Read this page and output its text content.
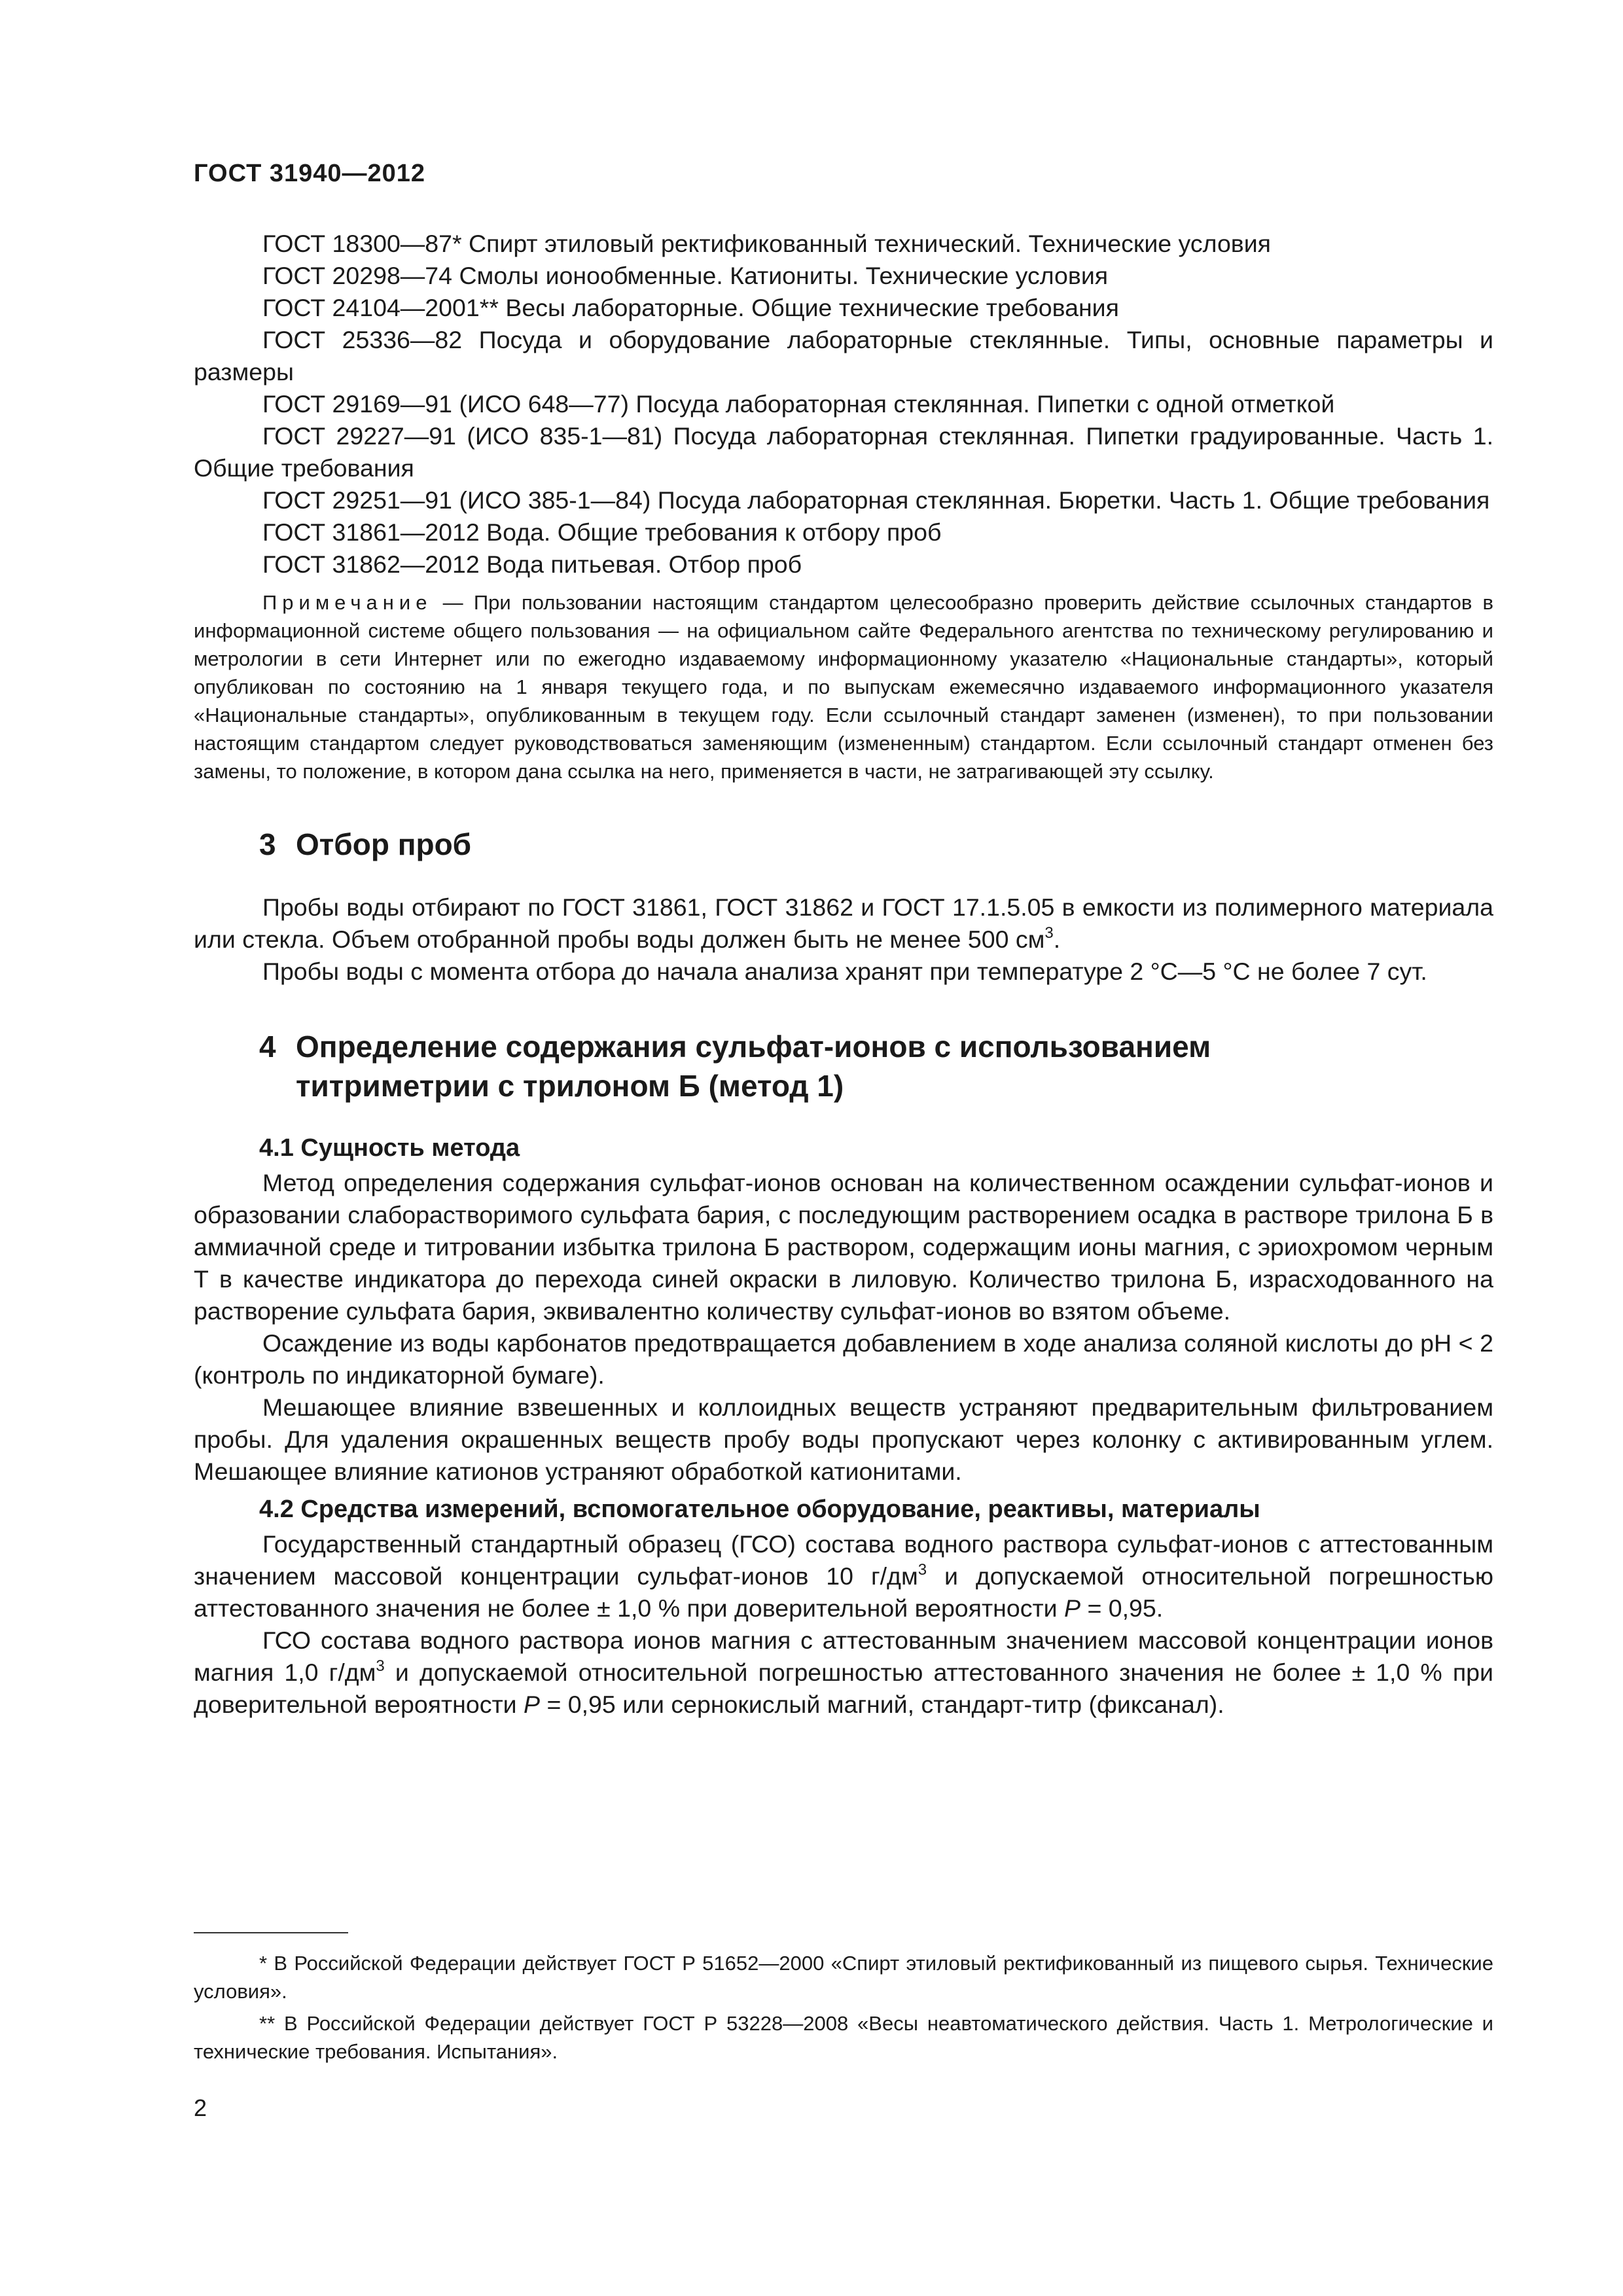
ГОСТ 31940—2012

ГОСТ 18300—87* Спирт этиловый ректификованный технический. Технические условия

ГОСТ 20298—74 Смолы ионообменные. Катиониты. Технические условия

ГОСТ 24104—2001** Весы лабораторные. Общие технические требования

ГОСТ 25336—82 Посуда и оборудование лабораторные стеклянные. Типы, основные параметры и размеры

ГОСТ 29169—91 (ИСО 648—77) Посуда лабораторная стеклянная. Пипетки с одной отметкой

ГОСТ 29227—91 (ИСО 835-1—81) Посуда лабораторная стеклянная. Пипетки градуированные. Часть 1. Общие требования

ГОСТ 29251—91 (ИСО 385-1—84) Посуда лабораторная стеклянная. Бюретки. Часть 1. Общие требования

ГОСТ 31861—2012 Вода. Общие требования к отбору проб

ГОСТ 31862—2012 Вода питьевая. Отбор проб

Примечание — При пользовании настоящим стандартом целесообразно проверить действие ссылочных стандартов в информационной системе общего пользования — на официальном сайте Федерального агентства по техническому регулированию и метрологии в сети Интернет или по ежегодно издаваемому информационному указателю «Национальные стандарты», который опубликован по состоянию на 1 января текущего года, и по выпускам ежемесячно издаваемого информационного указателя «Национальные стандарты», опубликованным в текущем году. Если ссылочный стандарт заменен (изменен), то при пользовании настоящим стандартом следует руководствоваться заменяющим (измененным) стандартом. Если ссылочный стандарт отменен без замены, то положение, в котором дана ссылка на него, применяется в части, не затрагивающей эту ссылку.

3 Отбор проб

Пробы воды отбирают по ГОСТ 31861, ГОСТ 31862 и ГОСТ 17.1.5.05 в емкости из полимерного материала или стекла. Объем отобранной пробы воды должен быть не менее 500 $см^3$.

Пробы воды с момента отбора до начала анализа хранят при температуре 2 °С—5 °С не более 7 сут.

4 Определение содержания сульфат-ионов с использованием титриметрии с трилоном Б (метод 1)
4.1 Сущность метода

Метод определения содержания сульфат-ионов основан на количественном осаждении сульфат-ионов и образовании слаборастворимого сульфата бария, с последующим растворением осадка в растворе трилона Б в аммиачной среде и титровании избытка трилона Б раствором, содержащим ионы магния, с эриохромом черным Т в качестве индикатора до перехода синей окраски в лиловую. Количество трилона Б, израсходованного на растворение сульфата бария, эквивалентно количеству сульфат-ионов во взятом объеме.

Осаждение из воды карбонатов предотвращается добавлением в ходе анализа соляной кислоты до pH < 2 (контроль по индикаторной бумаге).

Мешающее влияние взвешенных и коллоидных веществ устраняют предварительным фильтрованием пробы. Для удаления окрашенных веществ пробу воды пропускают через колонку с активированным углем. Мешающее влияние катионов устраняют обработкой катионитами.

4.2 Средства измерений, вспомогательное оборудование, реактивы, материалы

Государственный стандартный образец (ГСО) состава водного раствора сульфат-ионов с аттестованным значением массовой концентрации сульфат-ионов 10 $г/дм^3$ и допускаемой относительной погрешностью аттестованного значения не более ± 1,0 % при доверительной вероятности P = 0,95.

ГСО состава водного раствора ионов магния с аттестованным значением массовой концентрации ионов магния 1,0 $г/дм^3$ и допускаемой относительной погрешностью аттестованного значения не более ± 1,0 % при доверительной вероятности P = 0,95 или сернокислый магний, стандарт-титр (фиксанал).

* В Российской Федерации действует ГОСТ Р 51652—2000 «Спирт этиловый ректификованный из пищевого сырья. Технические условия».

** В Российской Федерации действует ГОСТ Р 53228—2008 «Весы неавтоматического действия. Часть 1. Метрологические и технические требования. Испытания».

2
